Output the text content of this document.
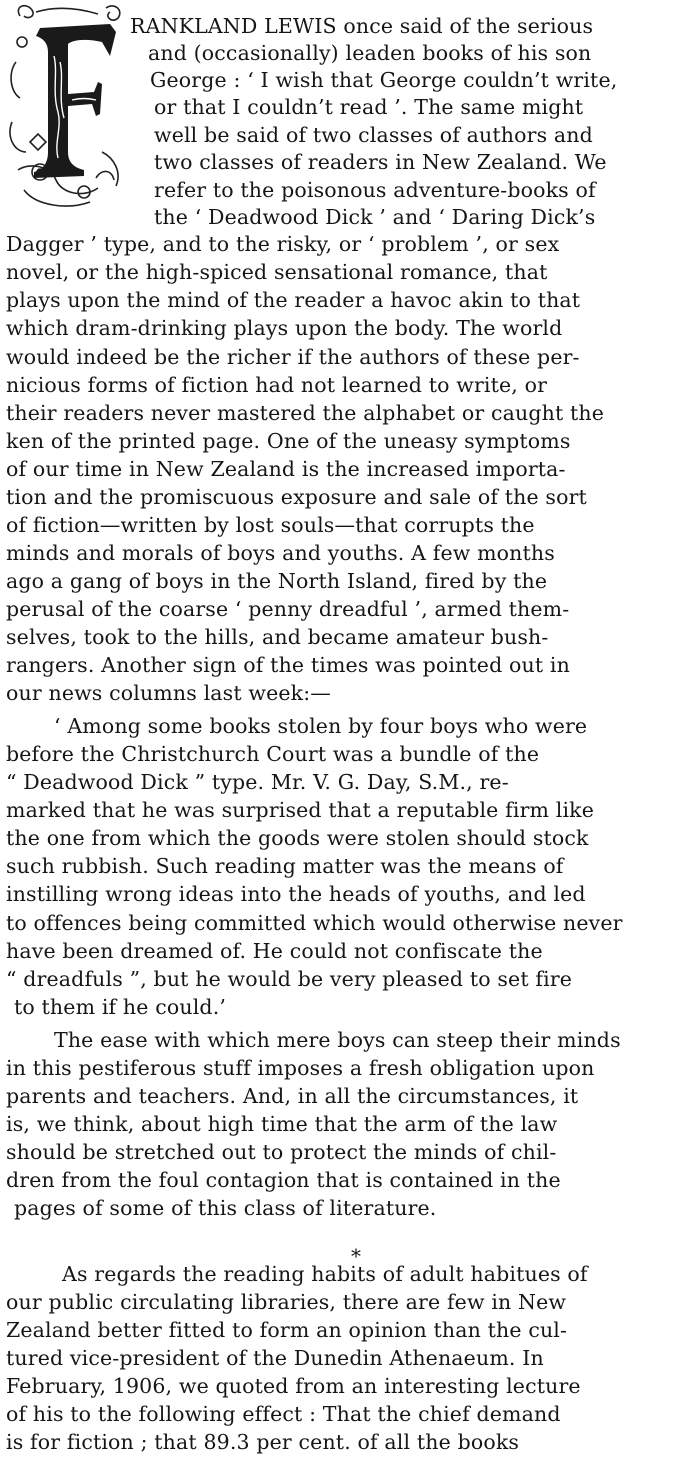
RANKLAND LEWIS once said of the serious
and (occasionally) leaden books of his son
George : ‘ I wish that George couldn’t write,
or that I couldn’t read ’. The same might
well be said of two classes of authors and
two classes of readers in New Zealand. We
refer to the poisonous adventure-books of
the ‘ Deadwood Dick ’ and ‘ Daring Dick’s
Dagger ’ type, and to the risky, or ‘ problem ’, or sex
novel, or the high-spiced sensational romance, that
plays upon the mind of the reader a havoc akin to that
which dram-drinking plays upon the body. The world
would indeed be the richer if the authors of these per-
nicious forms of fiction had not learned to write, or
their readers never mastered the alphabet or caught the
ken of the printed page. One of the uneasy symptoms
of our time in New Zealand is the increased importa-
tion and the promiscuous exposure and sale of the sort
of fiction—written by lost souls—that corrupts the
minds and morals of boys and youths. A few months
ago a gang of boys in the North Island, fired by the
perusal of the coarse ‘ penny dreadful ’, armed them-
selves, took to the hills, and became amateur bush-
rangers. Another sign of the times was pointed out in
our news columns last week:—
‘ Among some books stolen by four boys who were
before the Christchurch Court was a bundle of the
“ Deadwood Dick ” type. Mr. V. G. Day, S.M., re-
marked that he was surprised that a reputable firm like
the one from which the goods were stolen should stock
such rubbish. Such reading matter was the means of
instilling wrong ideas into the heads of youths, and led
to offences being committed which would otherwise never
have been dreamed of. He could not confiscate the
“ dreadfuls ”, but he would be very pleased to set fire
to them if he could.’
The ease with which mere boys can steep their minds
in this pestiferous stuff imposes a fresh obligation upon
parents and teachers. And, in all the circumstances, it
is, we think, about high time that the arm of the law
should be stretched out to protect the minds of chil-
dren from the foul contagion that is contained in the
pages of some of this class of literature.
*
As regards the reading habits of adult habitues of
our public circulating libraries, there are few in New
Zealand better fitted to form an opinion than the cul-
tured vice-president of the Dunedin Athenaeum. In
February, 1906, we quoted from an interesting lecture
of his to the following effect : That the chief demand
is for fiction ; that 89.3 per cent. of all the books
